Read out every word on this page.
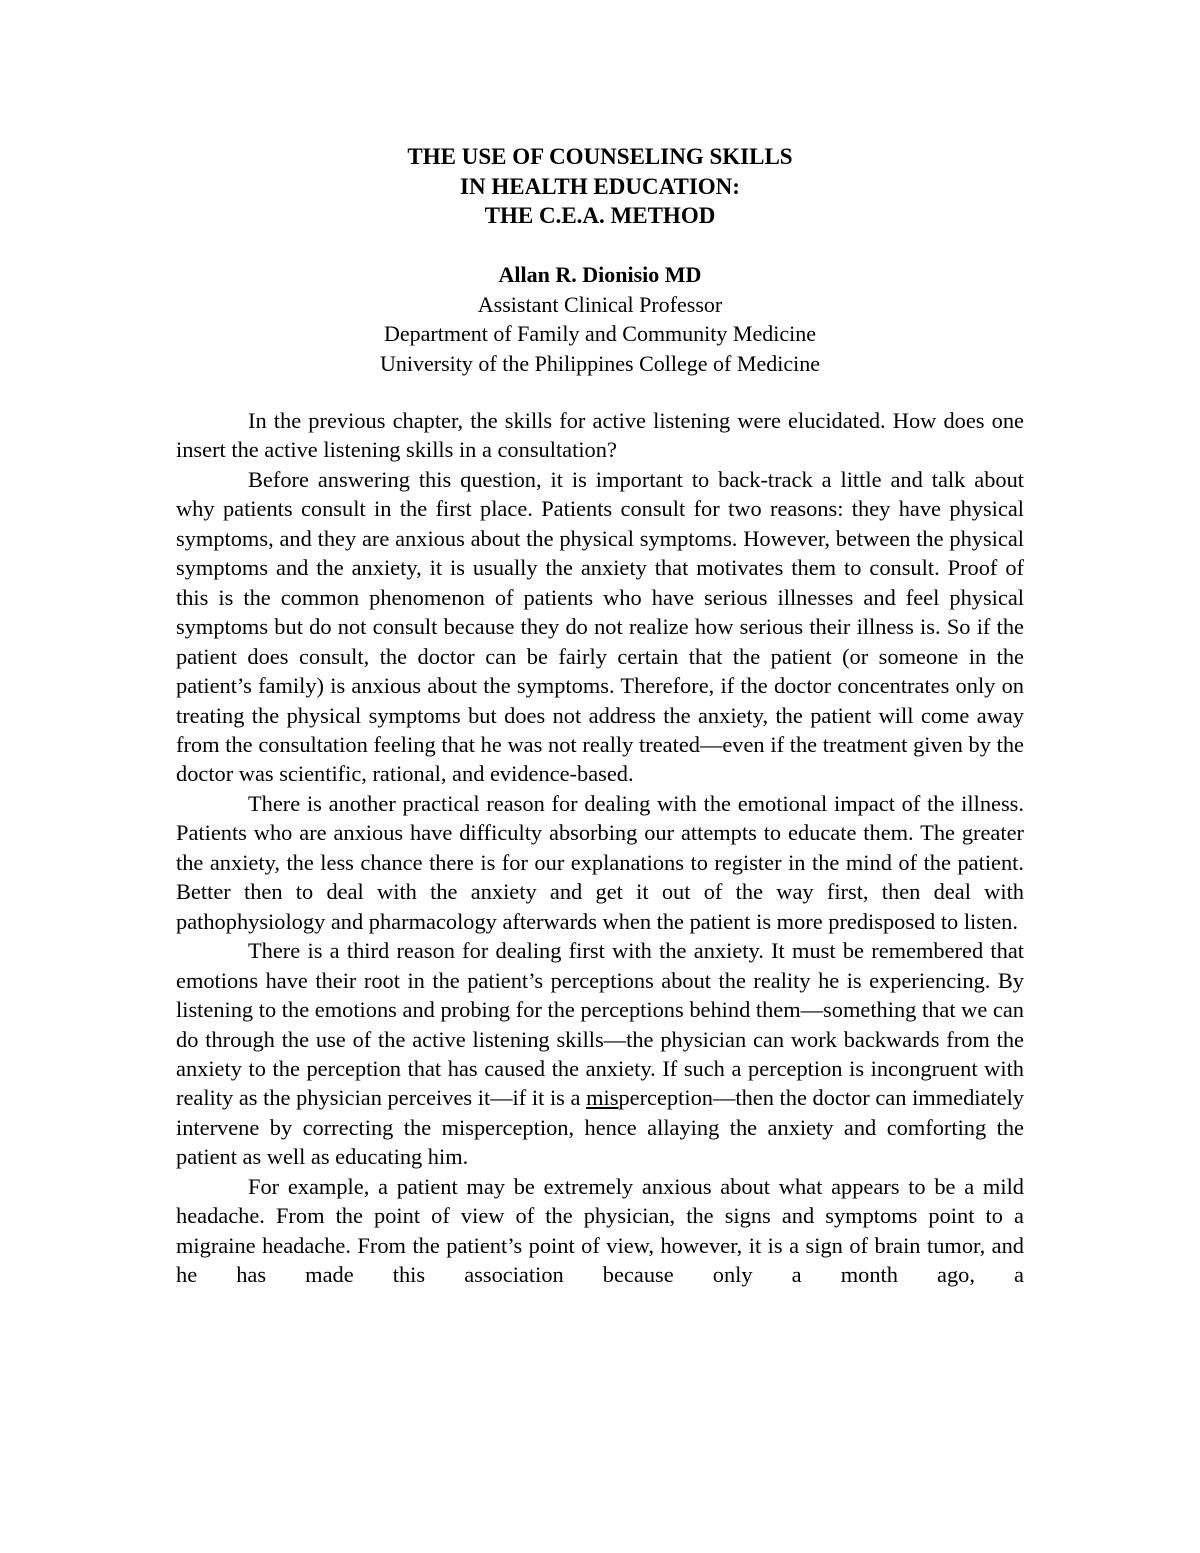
THE USE OF COUNSELING SKILLS
IN HEALTH EDUCATION:
THE C.E.A. METHOD
Allan R. Dionisio MD
Assistant Clinical Professor
Department of Family and Community Medicine
University of the Philippines College of Medicine

In the previous chapter, the skills for active listening were elucidated. How does one insert the active listening skills in a consultation?

Before answering this question, it is important to back-track a little and talk about why patients consult in the first place. Patients consult for two reasons: they have physical symptoms, and they are anxious about the physical symptoms. However, between the physical symptoms and the anxiety, it is usually the anxiety that motivates them to consult. Proof of this is the common phenomenon of patients who have serious illnesses and feel physical symptoms but do not consult because they do not realize how serious their illness is. So if the patient does consult, the doctor can be fairly certain that the patient (or someone in the patient’s family) is anxious about the symptoms. Therefore, if the doctor concentrates only on treating the physical symptoms but does not address the anxiety, the patient will come away from the consultation feeling that he was not really treated—even if the treatment given by the doctor was scientific, rational, and evidence-based.

There is another practical reason for dealing with the emotional impact of the illness. Patients who are anxious have difficulty absorbing our attempts to educate them. The greater the anxiety, the less chance there is for our explanations to register in the mind of the patient. Better then to deal with the anxiety and get it out of the way first, then deal with pathophysiology and pharmacology afterwards when the patient is more predisposed to listen.

There is a third reason for dealing first with the anxiety. It must be remembered that emotions have their root in the patient’s perceptions about the reality he is experiencing. By listening to the emotions and probing for the perceptions behind them—something that we can do through the use of the active listening skills—the physician can work backwards from the anxiety to the perception that has caused the anxiety. If such a perception is incongruent with reality as the physician perceives it—if it is a misperception—then the doctor can immediately intervene by correcting the misperception, hence allaying the anxiety and comforting the patient as well as educating him.

For example, a patient may be extremely anxious about what appears to be a mild headache. From the point of view of the physician, the signs and symptoms point to a migraine headache. From the patient’s point of view, however, it is a sign of brain tumor, and he has made this association because only a month ago, a
